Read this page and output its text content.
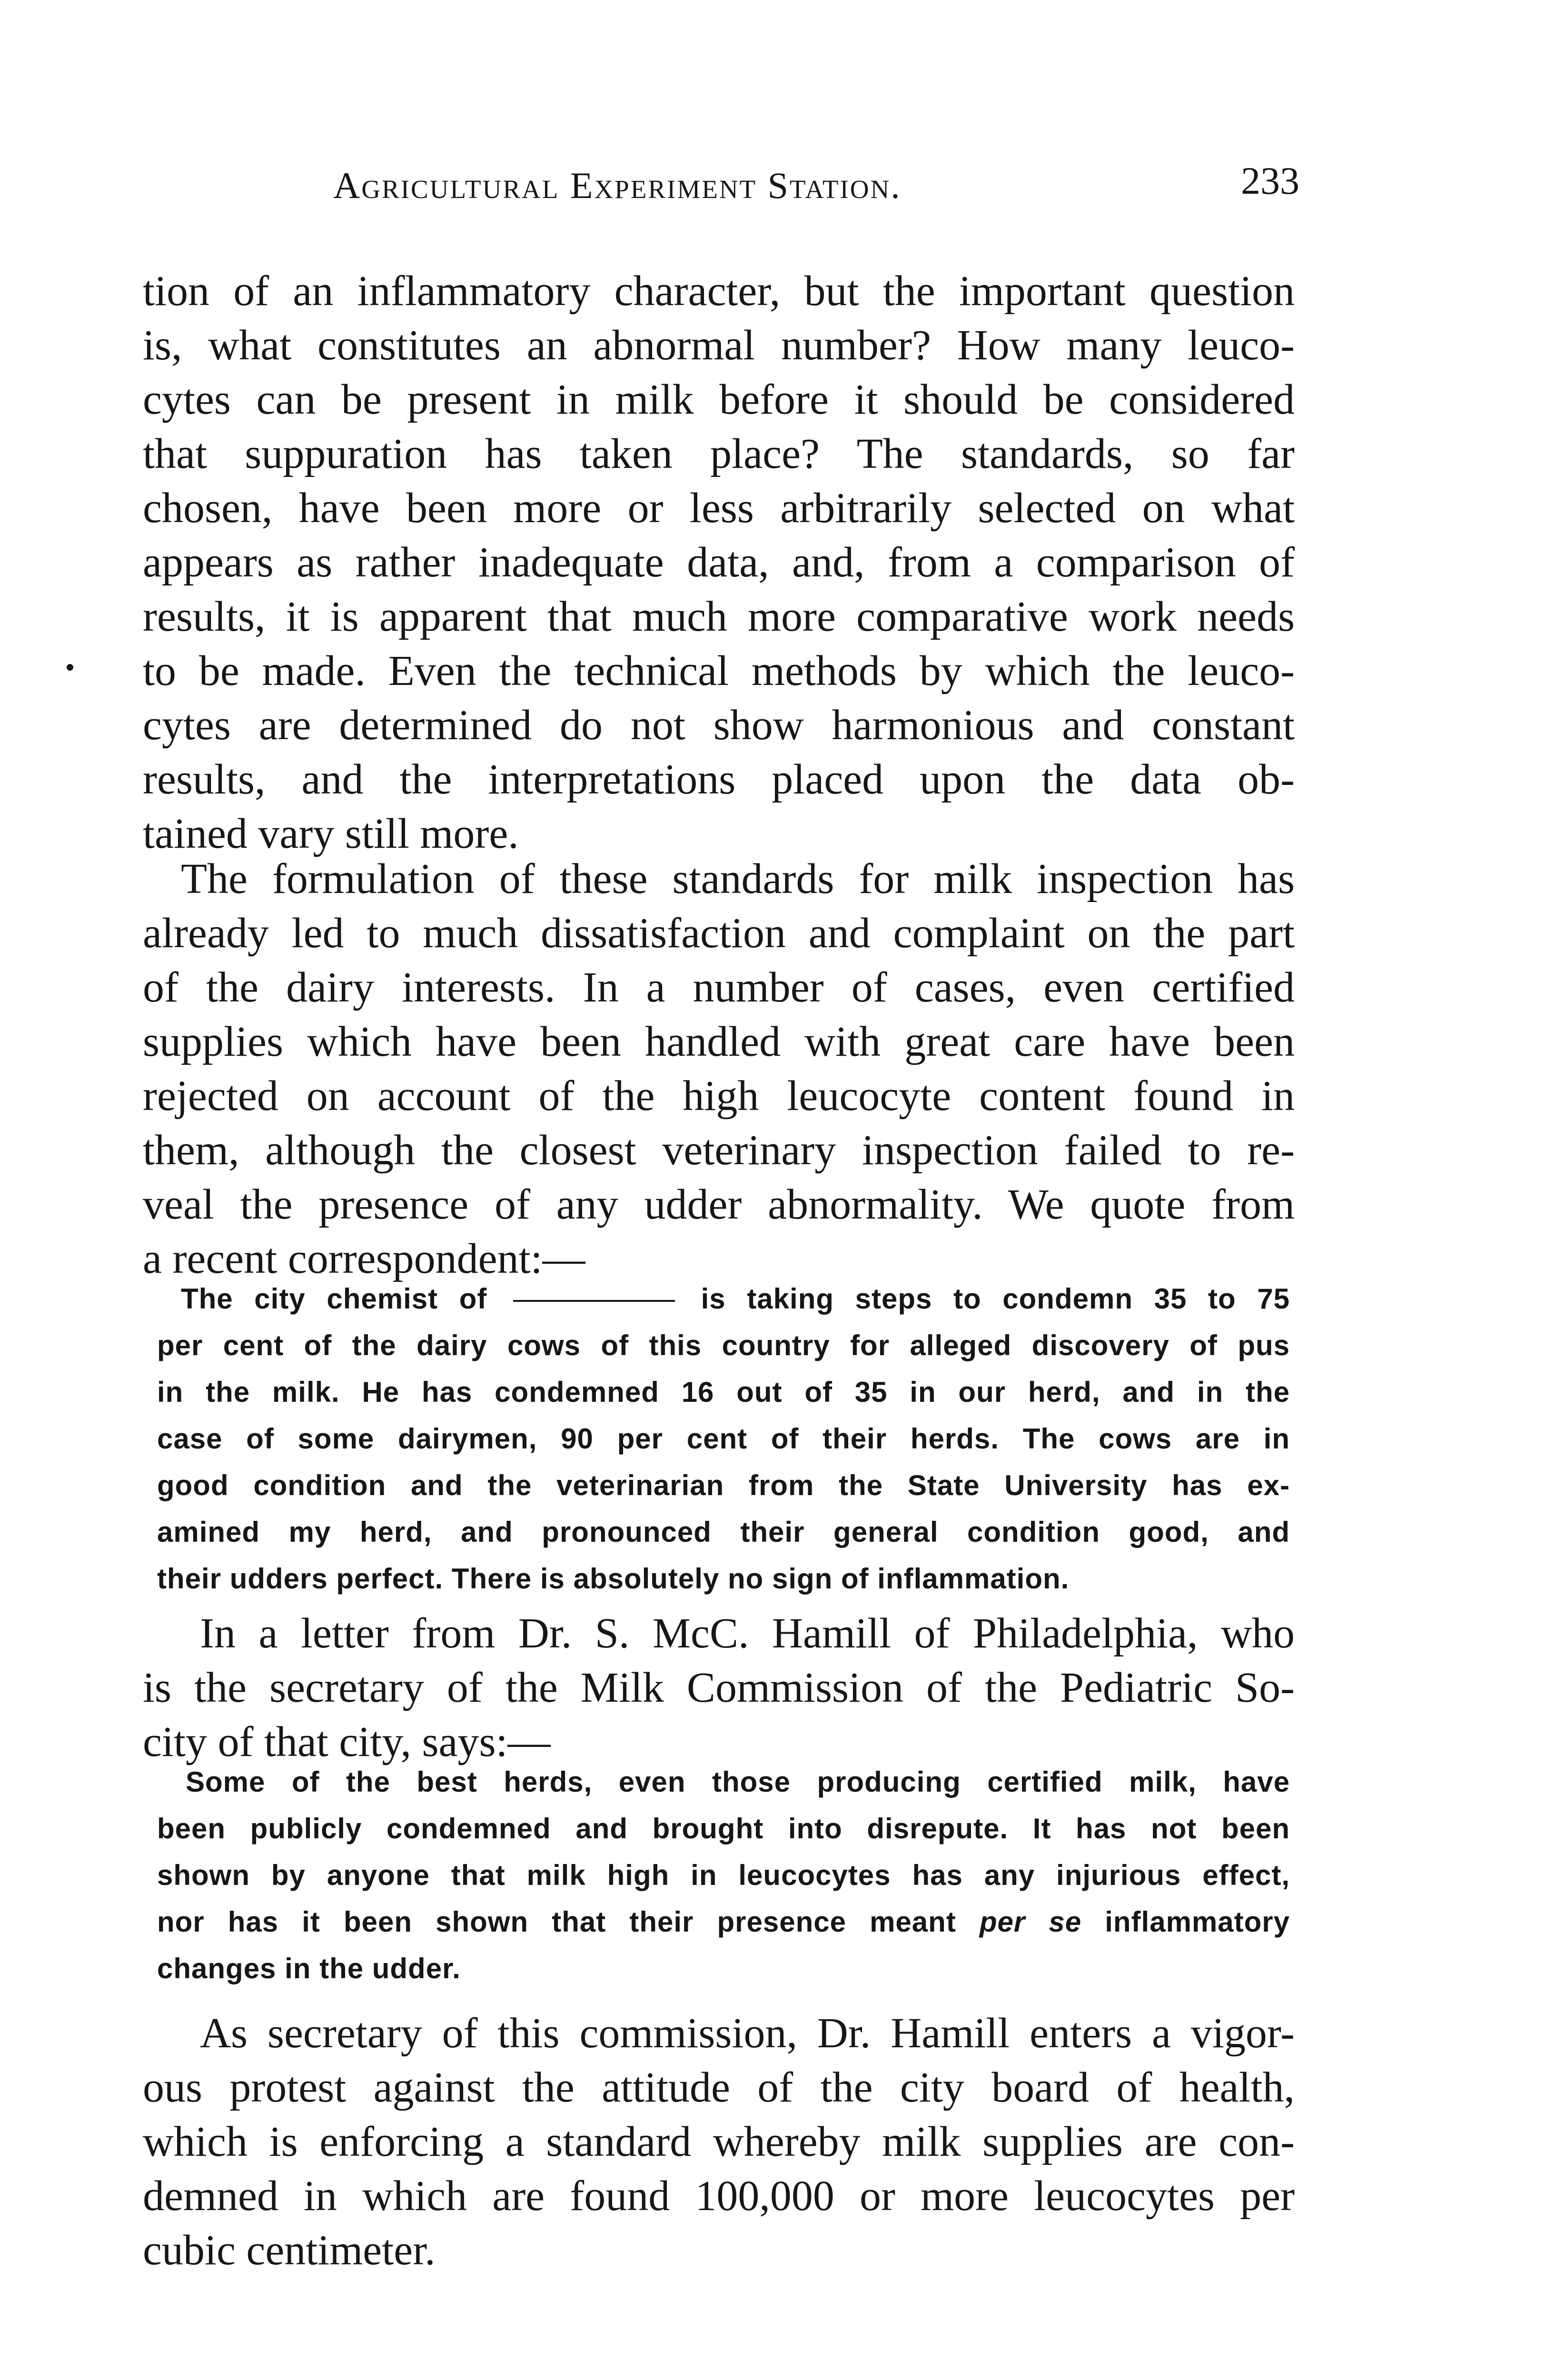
Agricultural Experiment Station.	233
tion of an inflammatory character, but the important question
is, what constitutes an abnormal number? How many leuco-
cytes can be present in milk before it should be considered
that suppuration has taken place? The standards, so far
chosen, have been more or less arbitrarily selected on what
appears as rather inadequate data, and, from a comparison of
results, it is apparent that much more comparative work needs
to be made. Even the technical methods by which the leuco-
cytes are determined do not show harmonious and constant
results, and the interpretations placed upon the data ob-
tained vary still more.
The formulation of these standards for milk inspection has
already led to much dissatisfaction and complaint on the part
of the dairy interests. In a number of cases, even certified
supplies which have been handled with great care have been
rejected on account of the high leucocyte content found in
them, although the closest veterinary inspection failed to re-
veal the presence of any udder abnormality. We quote from
a recent correspondent:—
The city chemist of	is taking steps to condemn 35 to 75
per cent of the dairy cows of this country for alleged discovery of pus
in the milk. He has condemned 16 out of 35 in our herd, and in the
case of some dairymen, 90 per cent of their herds. The cows are in
good condition and the veterinarian from the State University has ex-
amined my herd, and pronounced their general condition good, and
their udders perfect. There is absolutely no sign of inflammation.
In a letter from Dr. S. McC. Hamill of Philadelphia, who
is the secretary of the Milk Commission of the Pediatric So-
city of that city, says:—
Some of the best herds, even those producing certified milk, have
been publicly condemned and brought into disrepute. It has not been
shown by anyone that milk high in leucocytes has any injurious effect,
nor has it been shown that their presence meant per se inflammatory
changes in the udder.
As secretary of this commission, Dr. Hamill enters a vigor-
ous protest against the attitude of the city board of health,
which is enforcing a standard whereby milk supplies are con-
demned in which are found 100,000 or more leucocytes per
cubic centimeter.
